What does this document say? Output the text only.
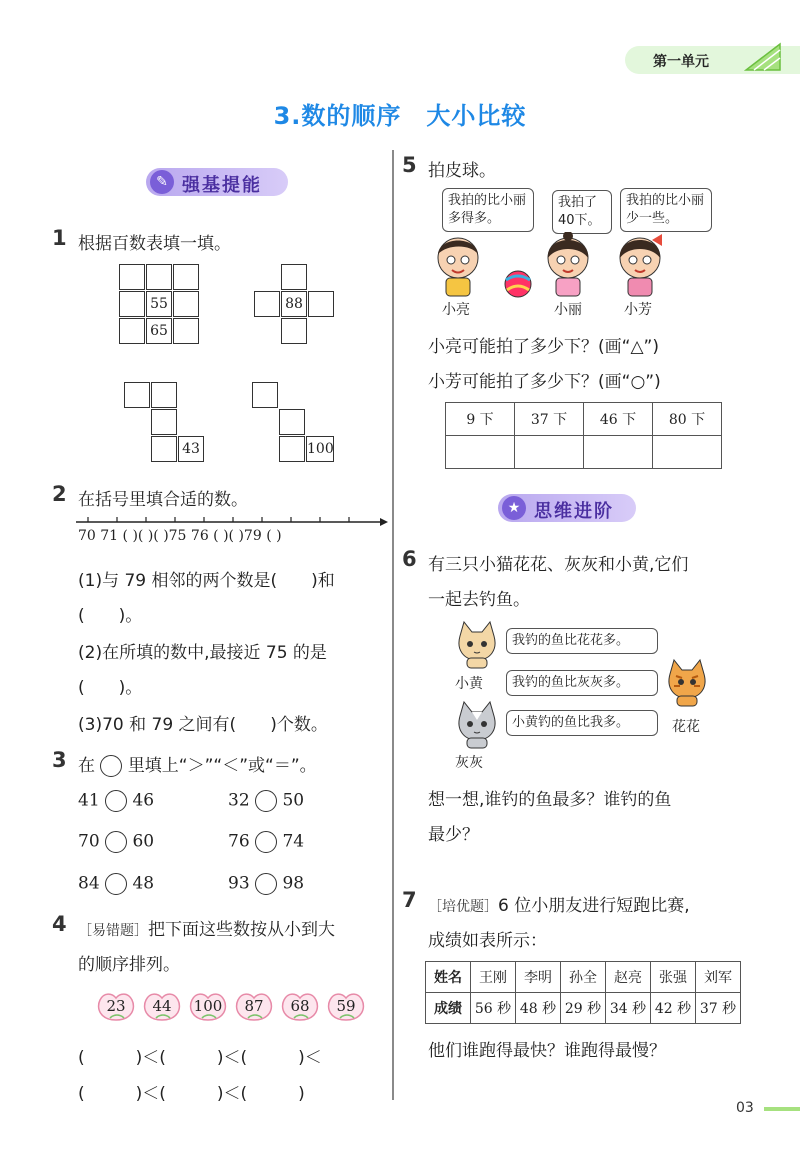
第一单元
3.数的顺序　大小比较
✎ 强基提能
1 根据百数表填一填。
55
65
88
43	100
2 在括号里填合适的数。
70 71 ( )( )( )75 76 ( )( )79 ( )
(1)与 79 相邻的两个数是(　　)和
(　　)。
(2)在所填的数中,最接近 75 的是
(　　)。
(3)70 和 79 之间有(　　)个数。
3 在 里填上“＞”“＜”或“＝”。
41 46	32 50
70 60	76 74
84 48	93 98
4 ［易错题］把下面这些数按从小到大
的顺序排列。
23	44	100	87	68	59
(　　　)＜(　　　)＜(　　　)＜
(　　　)＜(　　　)＜(　　　)
5 拍皮球。
我拍的比小丽多得多。
我拍了40下。
我拍的比小丽少一些。
小亮	小丽	小芳
小亮可能拍了多少下？(画“△”)
小芳可能拍了多少下？(画“○”)
9 下	37 下	46 下	80 下

★ 思维进阶
6 有三只小猫花花、灰灰和小黄,它们
一起去钓鱼。
我钓的鱼比花花多。
小黄	我钓的鱼比灰灰多。
花花
小黄钓的鱼比我多。
灰灰
想一想,谁钓的鱼最多？谁钓的鱼
最少？
7 ［培优题］6 位小朋友进行短跑比赛,
成绩如表所示：
姓名	王刚	李明	孙全	赵亮	张强	刘军
成绩	56 秒	48 秒	29 秒	34 秒	42 秒	37 秒
他们谁跑得最快？谁跑得最慢？
03
